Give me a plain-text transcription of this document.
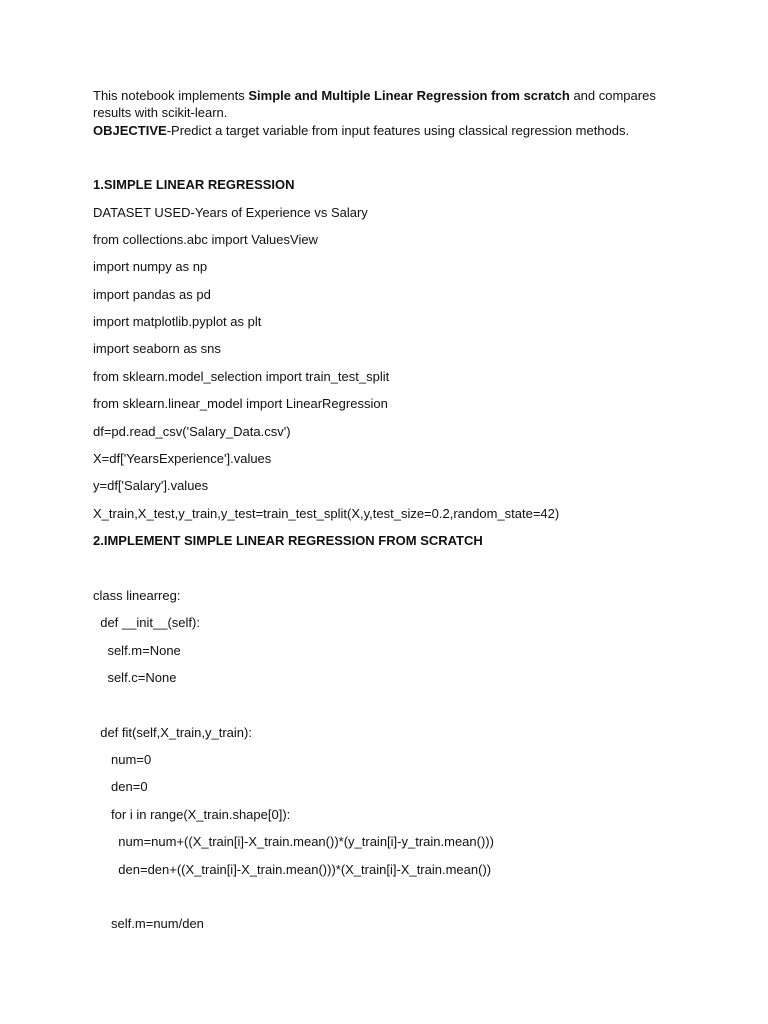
This notebook implements Simple and Multiple Linear Regression from scratch and compares results with scikit-learn.

OBJECTIVE-Predict a target variable from input features using classical regression methods.

1.SIMPLE LINEAR REGRESSION
DATASET USED-Years of Experience vs Salary
from collections.abc import ValuesView
import numpy as np
import pandas as pd
import matplotlib.pyplot as plt
import seaborn as sns
from sklearn.model_selection import train_test_split
from sklearn.linear_model import LinearRegression
df=pd.read_csv('Salary_Data.csv')
X=df['YearsExperience'].values
y=df['Salary'].values
X_train,X_test,y_train,y_test=train_test_split(X,y,test_size=0.2,random_state=42)
2.IMPLEMENT SIMPLE LINEAR REGRESSION FROM SCRATCH
class linearreg:
def __init__(self):
self.m=None
self.c=None
def fit(self,X_train,y_train):
num=0
den=0
for i in range(X_train.shape[0]):
num=num+((X_train[i]-X_train.mean())*(y_train[i]-y_train.mean()))
den=den+((X_train[i]-X_train.mean()))*(X_train[i]-X_train.mean())
self.m=num/den
